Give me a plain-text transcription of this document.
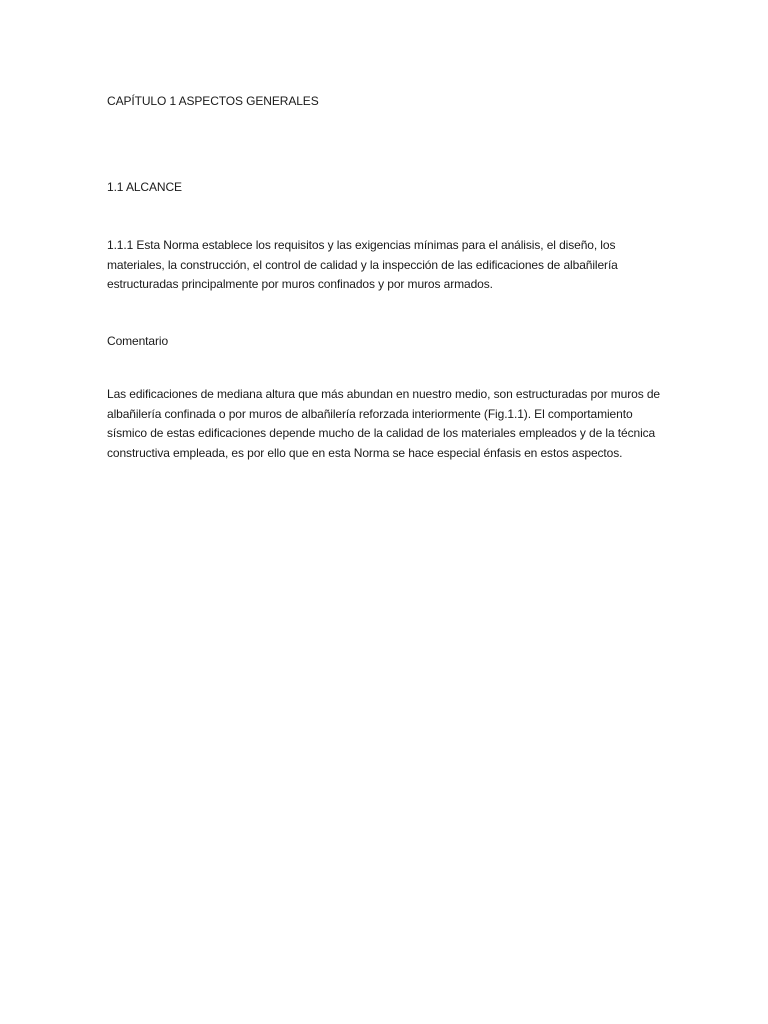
CAPÍTULO 1 ASPECTOS GENERALES
1.1 ALCANCE
1.1.1 Esta Norma establece los requisitos y las exigencias mínimas para el análisis, el diseño, los materiales, la construcción, el control de calidad y la inspección de las edificaciones de albañilería estructuradas principalmente por muros confinados y por muros armados.
Comentario
Las edificaciones de mediana altura que más abundan en nuestro medio, son estructuradas por muros de albañilería confinada o por muros de albañilería reforzada interiormente (Fig.1.1). El comportamiento sísmico de estas edificaciones depende mucho de la calidad de los materiales empleados y de la técnica constructiva empleada, es por ello que en esta Norma se hace especial énfasis en estos aspectos.
